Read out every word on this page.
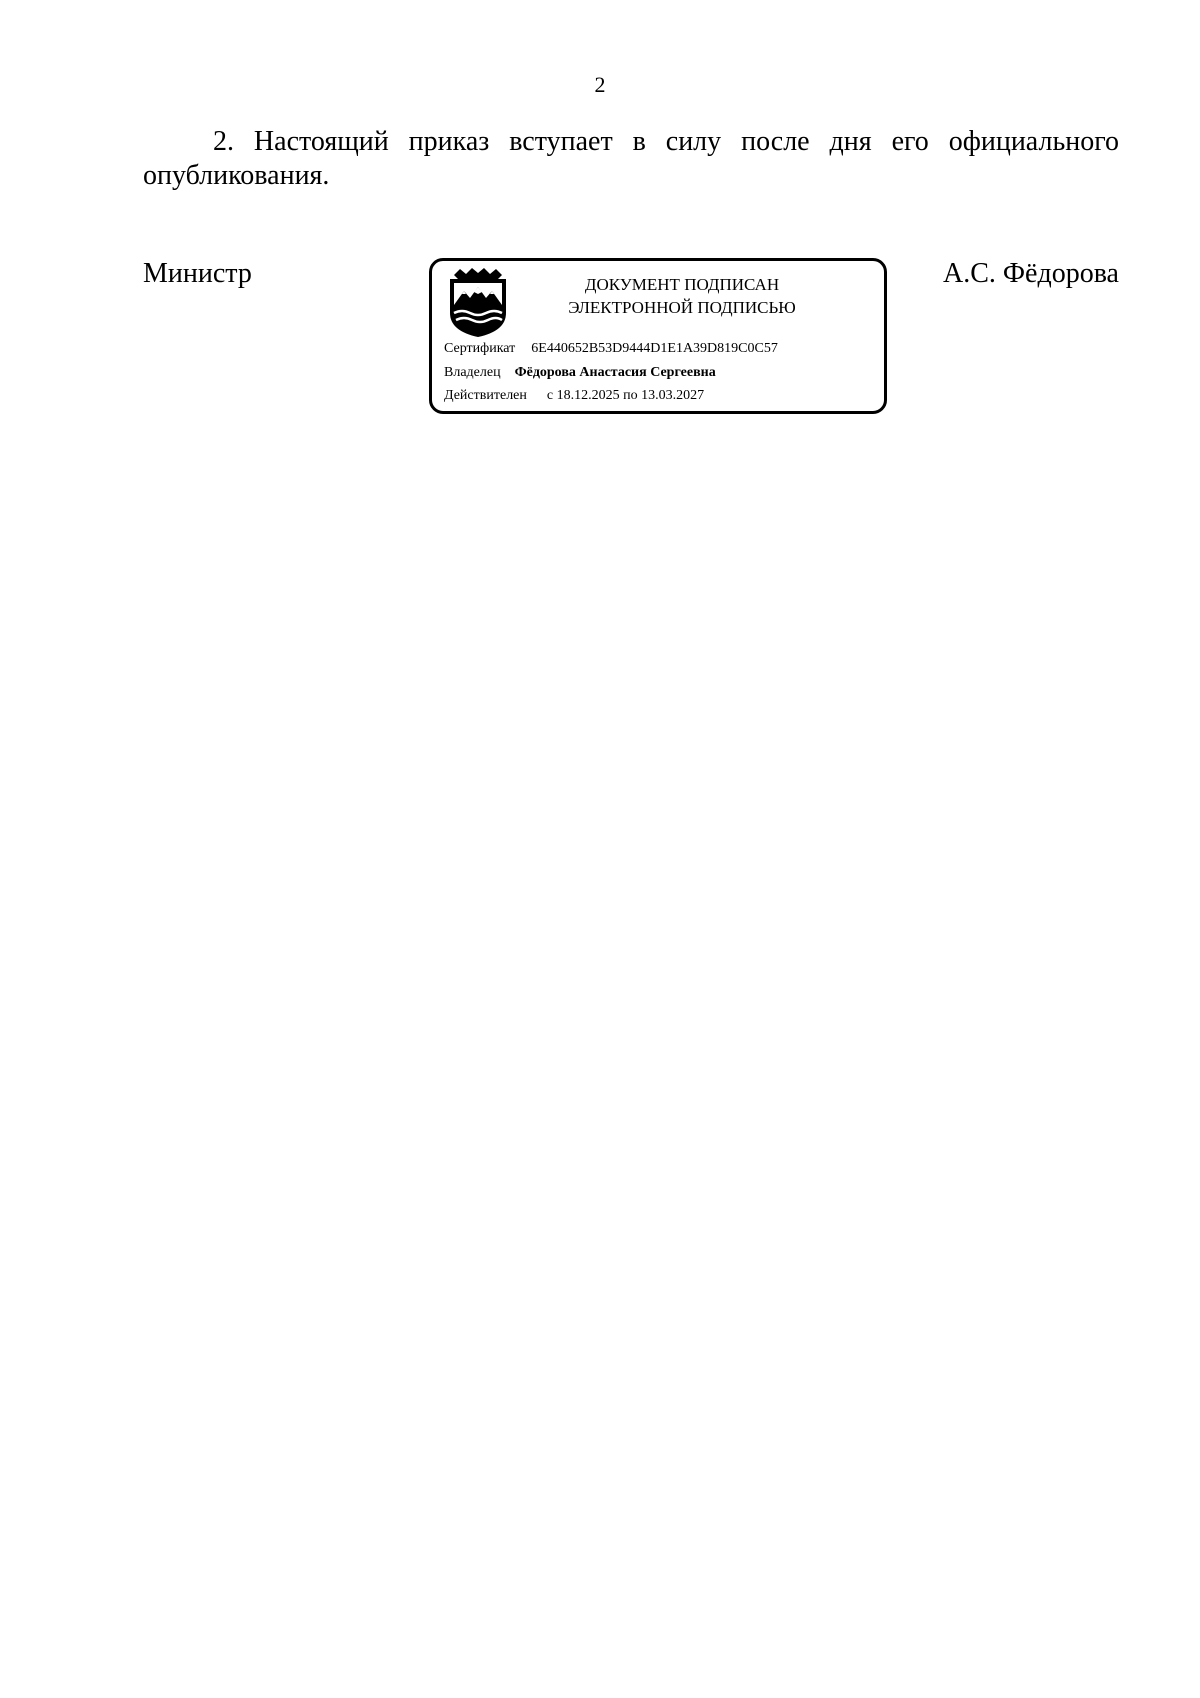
2

2. Настоящий приказ вступает в силу после дня его официального опубликования.

Министр	ДОКУМЕНТ ПОДПИСАН
ЭЛЕКТРОННОЙ ПОДПИСЬЮ
Сертификат 6E440652B53D9444D1E1A39D819C0C57
Владелец Фёдорова Анастасия Сергеевна
Действителен с 18.12.2025 по 13.03.2027
А.С. Фёдорова
